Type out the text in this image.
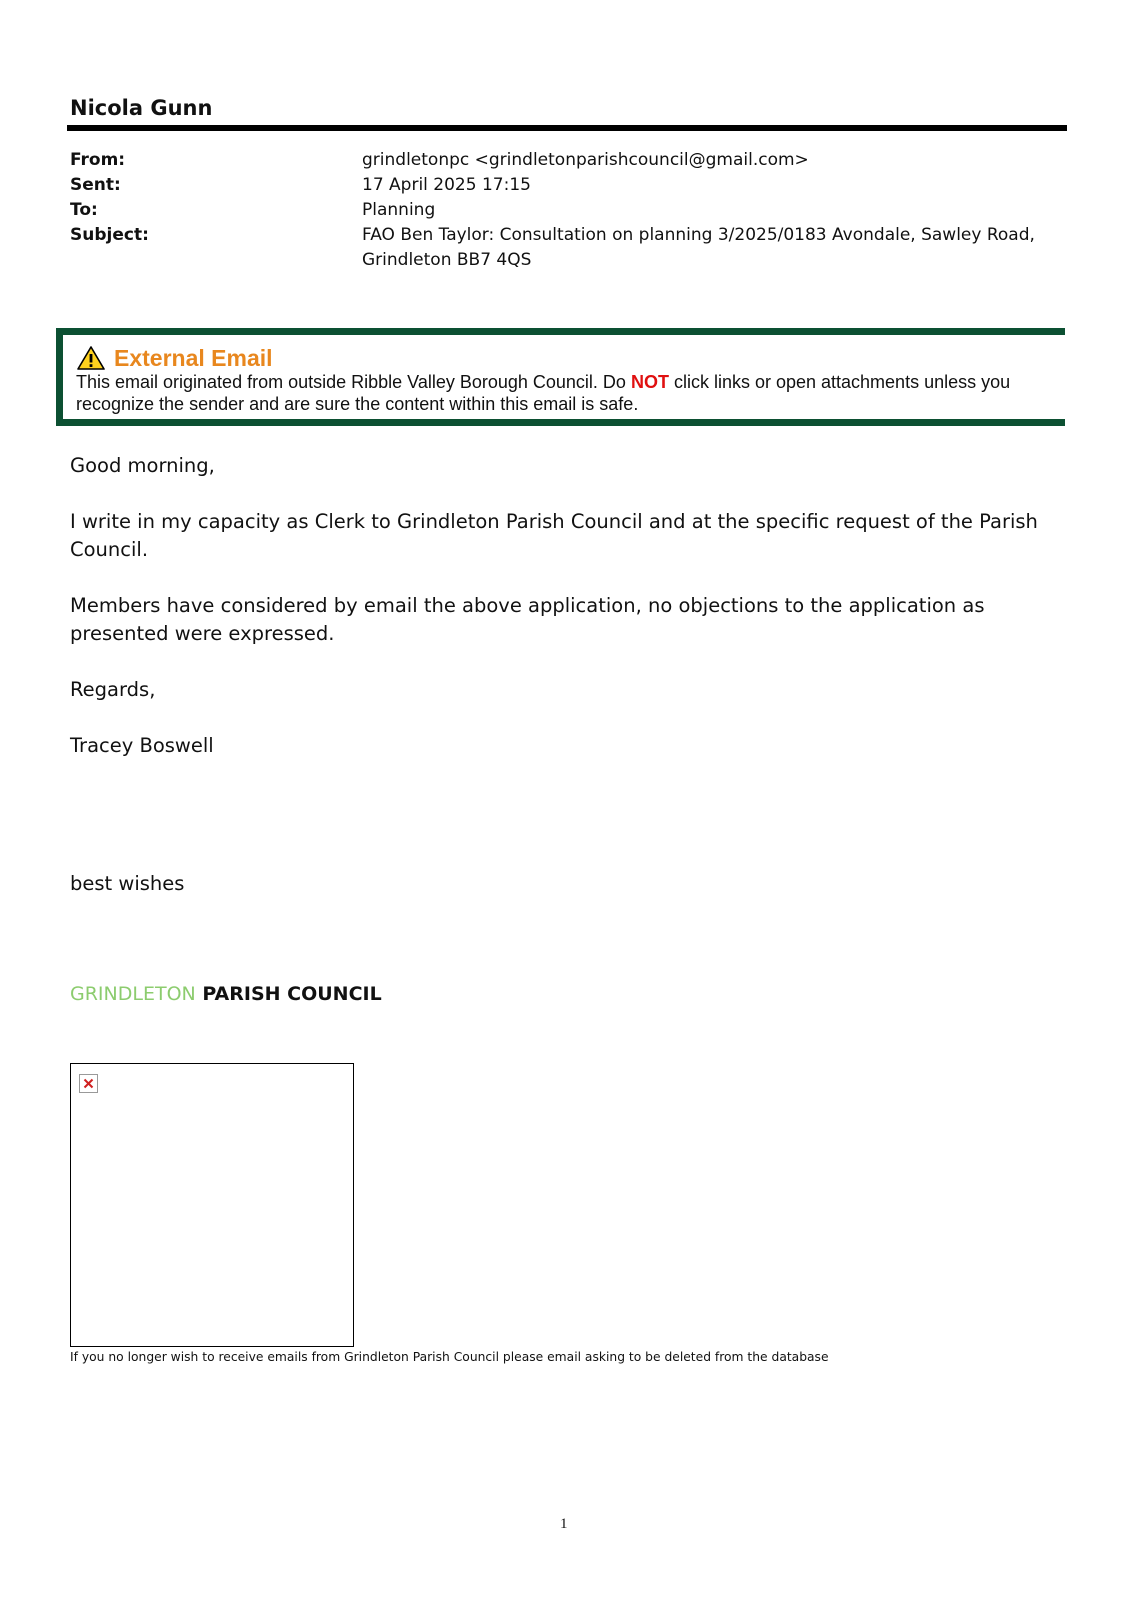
Nicola Gunn
From:	grindletonpc <grindletonparishcouncil@gmail.com>
Sent:	17 April 2025 17:15
To:	Planning
Subject:	FAO Ben Taylor: Consultation on planning 3/2025/0183 Avondale, Sawley Road, Grindleton BB7 4QS
External Email
This email originated from outside Ribble Valley Borough Council. Do NOT click links or open attachments unless you recognize the sender and are sure the content within this email is safe.
Good morning,
I write in my capacity as Clerk to Grindleton Parish Council and at the specific request of the Parish Council.
Members have considered by email the above application, no objections to the application as presented were expressed.
Regards,
Tracey Boswell
best wishes
GRINDLETON PARISH COUNCIL
If you no longer wish to receive emails from Grindleton Parish Council please email asking to be deleted from the database
1
